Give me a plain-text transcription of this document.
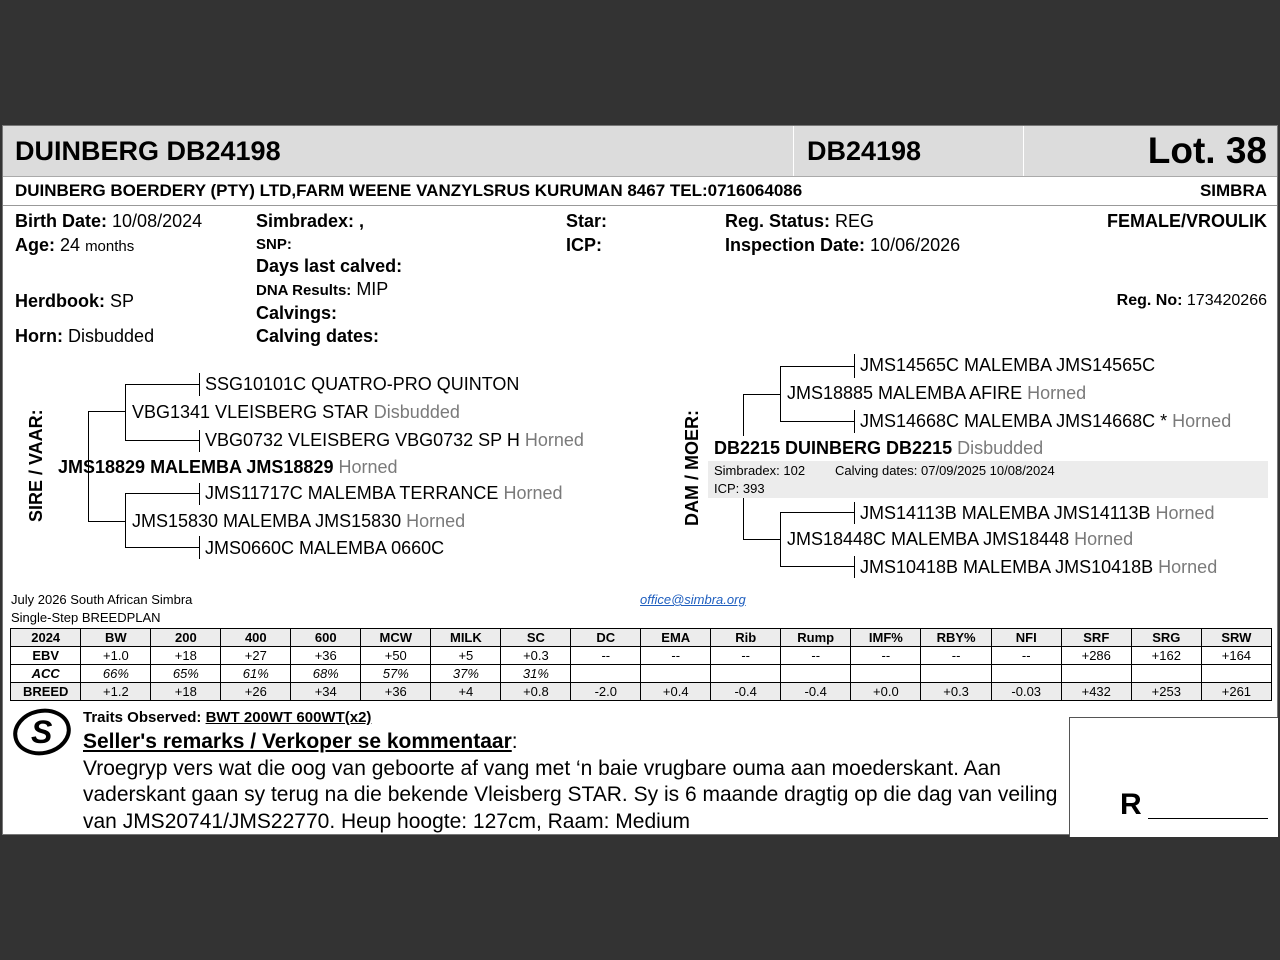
DUINBERG DB24198	DB24198	Lot. 38
DUINBERG BOERDERY (PTY) LTD,FARM WEENE VANZYLSRUS KURUMAN 8467 TEL:0716064086	SIMBRA
Birth Date: 10/08/2024
Age: 24 months
Herdbook: SP
Horn: Disbudded
Simbradex: ,
SNP:
Days last calved:
DNA Results: MIP
Calvings:
Calving dates:
Star:
ICP:
Reg. Status: REG
Inspection Date: 10/06/2026
FEMALE/VROULIK
Reg. No: 173420266
SIRE / VAAR:
SSG10101C QUATRO-PRO QUINTON
VBG1341 VLEISBERG STAR Disbudded
VBG0732 VLEISBERG VBG0732 SP H Horned
JMS18829 MALEMBA JMS18829 Horned
JMS11717C MALEMBA TERRANCE Horned
JMS15830 MALEMBA JMS15830 Horned
JMS0660C MALEMBA 0660C
DAM / MOER:
JMS14565C MALEMBA JMS14565C
JMS18885 MALEMBA AFIRE Horned
JMS14668C MALEMBA JMS14668C * Horned
DB2215 DUINBERG DB2215 Disbudded
Simbradex: 102 Calving dates: 07/09/2025 10/08/2024
ICP: 393
JMS14113B MALEMBA JMS14113B Horned
JMS18448C MALEMBA JMS18448 Horned
JMS10418B MALEMBA JMS10418B Horned
July 2026 South African Simbra
Single-Step BREEDPLAN
office@simbra.org
2024	BW	200	400	600	MCW	MILK	SC	DC	EMA	Rib	Rump	IMF%	RBY%	NFI	SRF	SRG	SRW
EBV	+1.0	+18	+27	+36	+50	+5	+0.3	--	--	--	--	--	--	--	+286	+162	+164
ACC	66%	65%	61%	68%	57%	37%	31%										
BREED	+1.2	+18	+26	+34	+36	+4	+0.8	-2.0	+0.4	-0.4	-0.4	+0.0	+0.3	-0.03	+432	+253	+261
S Traits Observed: BWT 200WT 600WT(x2)
Seller's remarks / Verkoper se kommentaar:
Vroegryp vers wat die oog van geboorte af vang met ‘n baie vrugbare ouma aan moederskant. Aan
vaderskant gaan sy terug na die bekende Vleisberg STAR. Sy is 6 maande dragtig op die dag van veiling
van JMS20741/JMS22770. Heup hoogte: 127cm, Raam: Medium
R
